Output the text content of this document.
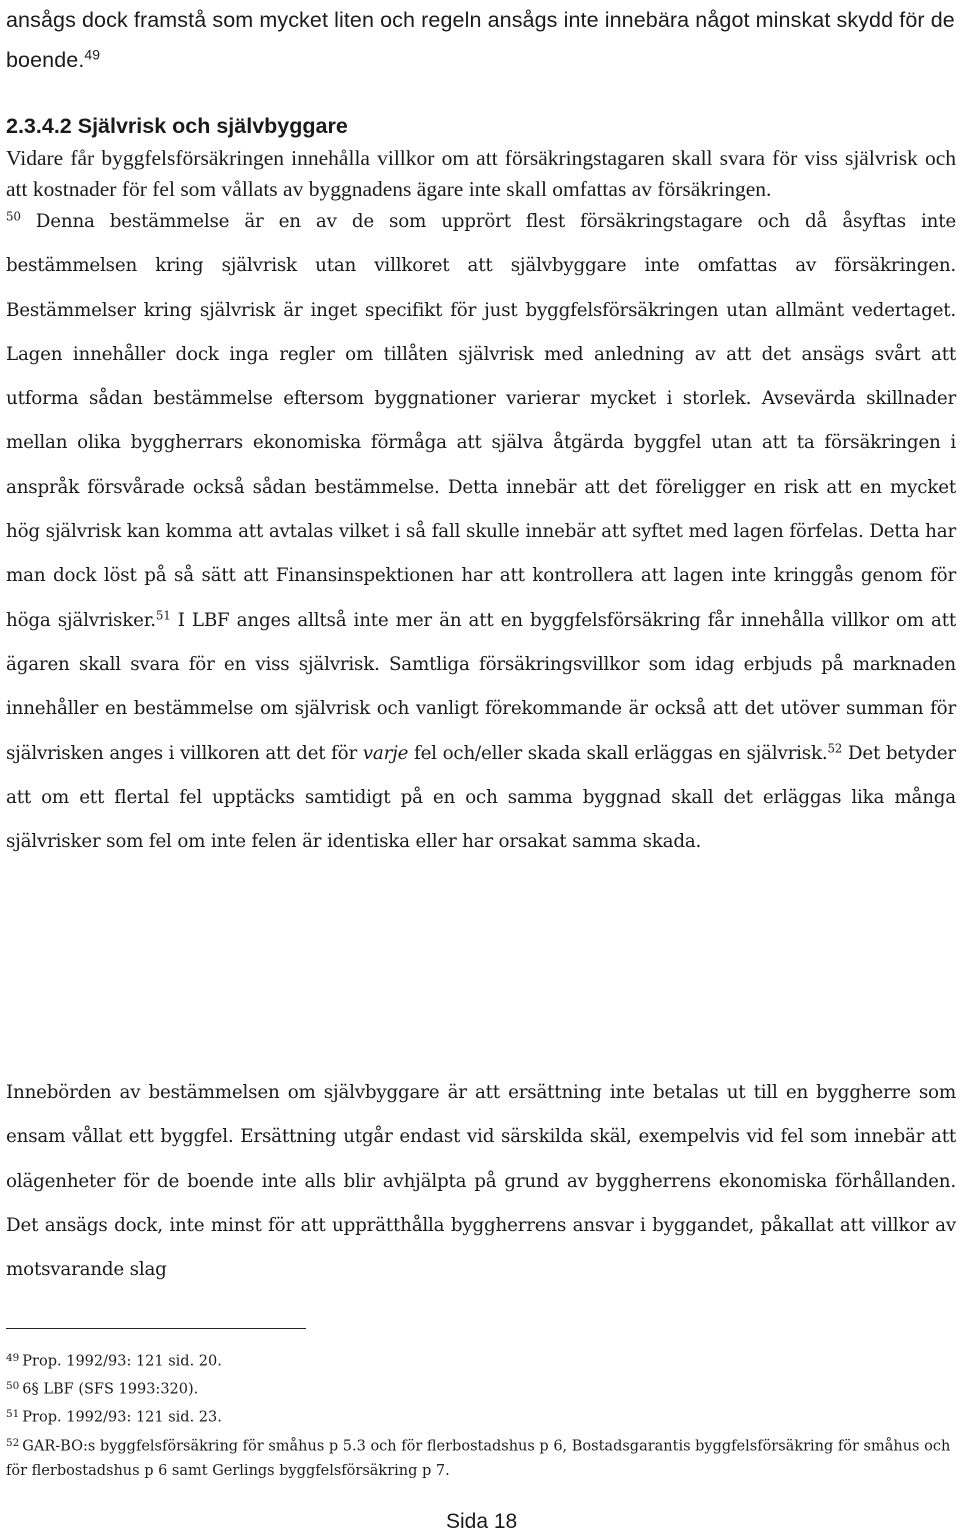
ansågs dock framstå som mycket liten och regeln ansågs inte innebära något minskat skydd för de boende.$^{49}$
2.3.4.2 Självrisk och självbyggare
Vidare får byggfelsförsäkringen innehålla villkor om att försäkringstagaren skall svara för viss självrisk och att kostnader för fel som vållats av byggnadens ägare inte skall omfattas av försäkringen.
$^{50}$ Denna bestämmelse är en av de som upprört flest försäkringstagare och då åsyftas inte bestämmelsen kring självrisk utan villkoret att självbyggare inte omfattas av försäkringen. Bestämmelser kring självrisk är inget specifikt för just byggfelsförsäkringen utan allmänt vedertaget. Lagen innehåller dock inga regler om tillåten självrisk med anledning av att det ansägs svårt att utforma sådan bestämmelse eftersom byggnationer varierar mycket i storlek. Avsevärda skillnader mellan olika byggherrars ekonomiska förmåga att själva åtgärda byggfel utan att ta försäkringen i anspråk försvårade också sådan bestämmelse. Detta innebär att det föreligger en risk att en mycket hög självrisk kan komma att avtalas vilket i så fall skulle innebär att syftet med lagen förfelas. Detta har man dock löst på så sätt att Finansinspektionen har att kontrollera att lagen inte kringgås genom för höga självrisker.$^{51}$ I LBF anges alltså inte mer än att en byggfelsförsäkring får innehålla villkor om att ägaren skall svara för en viss självrisk. Samtliga försäkringsvillkor som idag erbjuds på marknaden innehåller en bestämmelse om självrisk och vanligt förekommande är också att det utöver summan för självrisken anges i villkoren att det för varje fel och/eller skada skall erläggas en självrisk.$^{52}$ Det betyder att om ett flertal fel upptäcks samtidigt på en och samma byggnad skall det erläggas lika många självrisker som fel om inte felen är identiska eller har orsakat samma skada.
Innebörden av bestämmelsen om självbyggare är att ersättning inte betalas ut till en byggherre som ensam vållat ett byggfel. Ersättning utgår endast vid särskilda skäl, exempelvis vid fel som innebär att olägenheter för de boende inte alls blir avhjälpta på grund av byggherrens ekonomiska förhållanden. Det ansägs dock, inte minst för att upprätthålla byggherrens ansvar i byggandet, påkallat att villkor av motsvarande slag
$^{49}$ Prop. 1992/93: 121 sid. 20.
$^{50}$ 6§ LBF (SFS 1993:320).
$^{51}$ Prop. 1992/93: 121 sid. 23.
$^{52}$ GAR-BO:s byggfelsförsäkring för småhus p 5.3 och för flerbostadshus p 6, Bostadsgarantis byggfelsförsäkring för småhus och för flerbostadshus p 6 samt Gerlings byggfelsförsäkring p 7.
Sida 18
